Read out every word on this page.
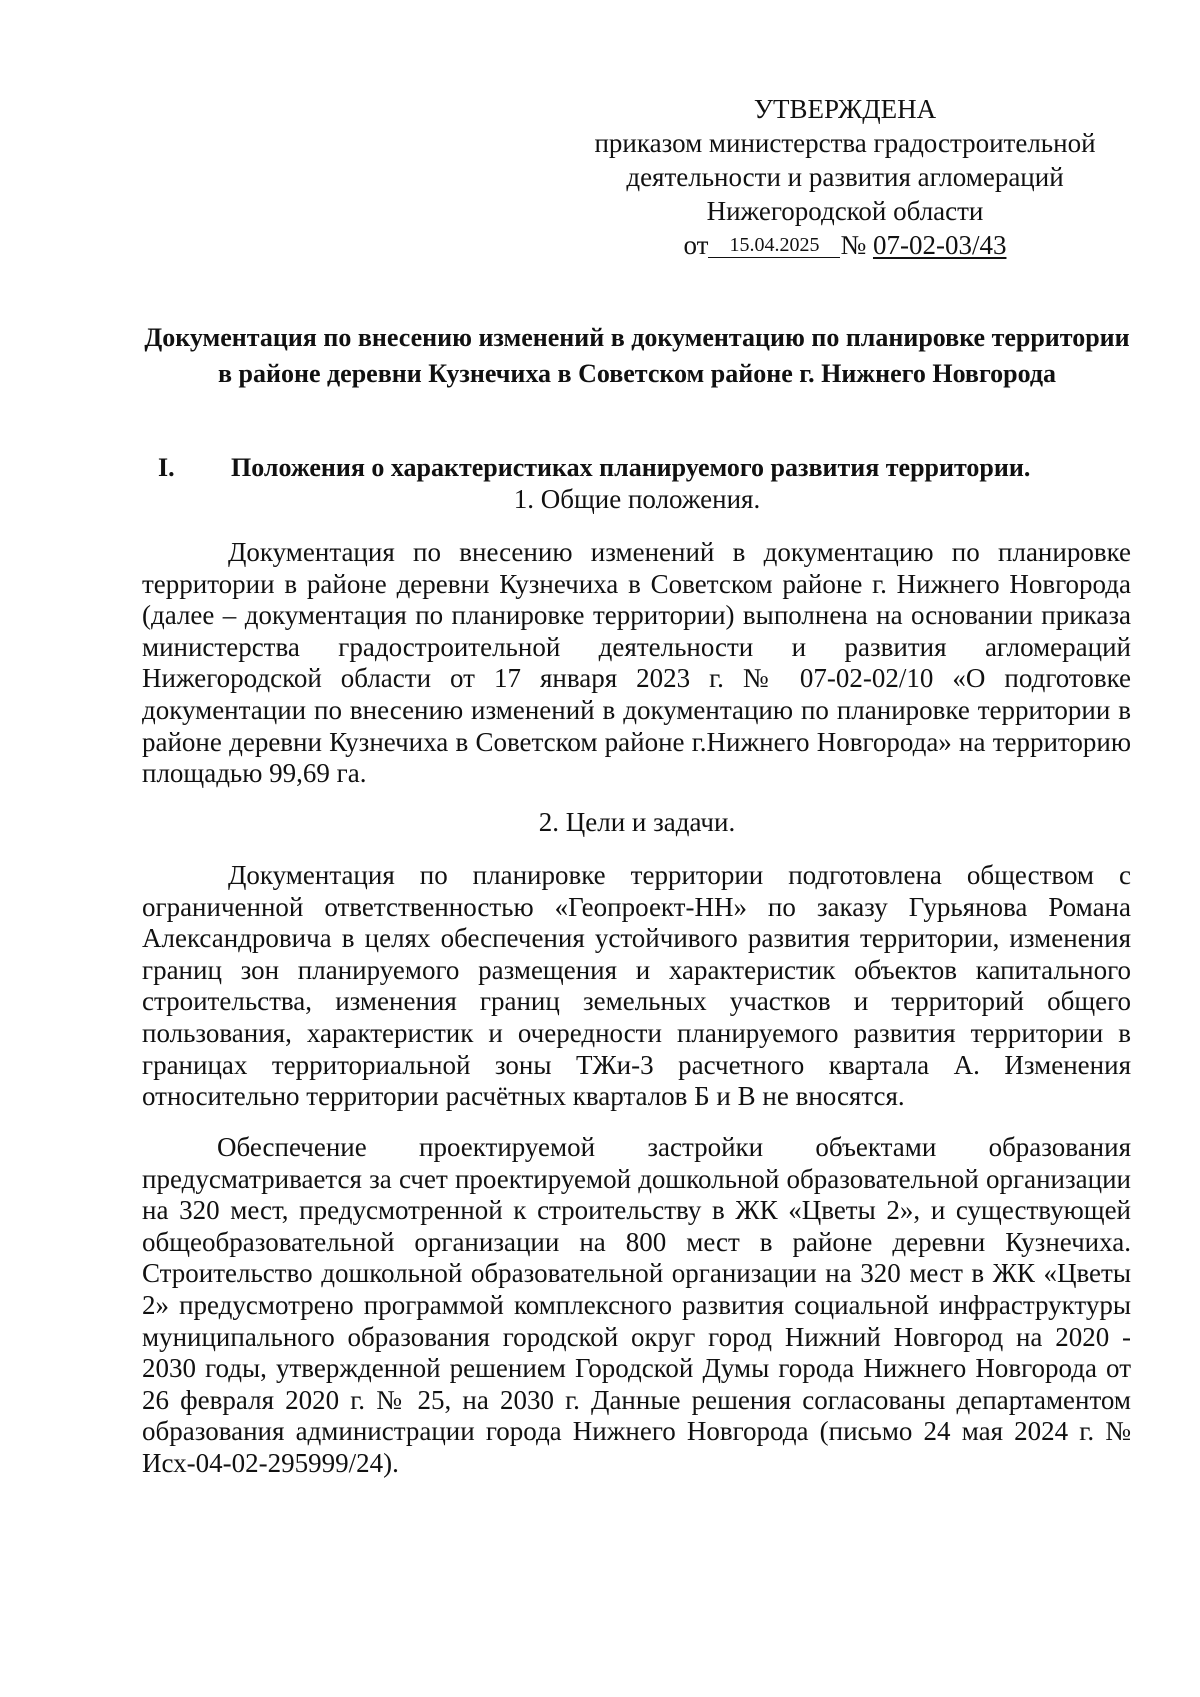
УТВЕРЖДЕНА
приказом министерства градостроительной
деятельности и развития агломераций
Нижегородской области
от 15.04.2025 № 07-02-03/43
Документация по внесению изменений в документацию по планировке территории в районе деревни Кузнечиха в Советском районе г. Нижнего Новгорода
I. Положения о характеристиках планируемого развития территории.
1. Общие положения.

Документация по внесению изменений в документацию по планировке территории в районе деревни Кузнечиха в Советском районе г. Нижнего Новгорода (далее – документация по планировке территории) выполнена на основании приказа министерства градостроительной деятельности и развития агломераций Нижегородской области от 17 января 2023 г. № 07-02-02/10 «О подготовке документации по внесению изменений в документацию по планировке территории в районе деревни Кузнечиха в Советском районе г.Нижнего Новгорода» на территорию площадью 99,69 га.

2. Цели и задачи.

Документация по планировке территории подготовлена обществом с ограниченной ответственностью «Геопроект-НН» по заказу Гурьянова Романа Александровича в целях обеспечения устойчивого развития территории, изменения границ зон планируемого размещения и характеристик объектов капитального строительства, изменения границ земельных участков и территорий общего пользования, характеристик и очередности планируемого развития территории в границах территориальной зоны ТЖи-3 расчетного квартала А. Изменения относительно территории расчётных кварталов Б и В не вносятся.

Обеспечение проектируемой застройки объектами образования предусматривается за счет проектируемой дошкольной образовательной организации на 320 мест, предусмотренной к строительству в ЖК «Цветы 2», и существующей общеобразовательной организации на 800 мест в районе деревни Кузнечиха. Строительство дошкольной образовательной организации на 320 мест в ЖК «Цветы 2» предусмотрено программой комплексного развития социальной инфраструктуры муниципального образования городской округ город Нижний Новгород на 2020 - 2030 годы, утвержденной решением Городской Думы города Нижнего Новгорода от 26 февраля 2020 г. № 25, на 2030 г. Данные решения согласованы департаментом образования администрации города Нижнего Новгорода (письмо 24 мая 2024 г. № Исх-04-02-295999/24).
